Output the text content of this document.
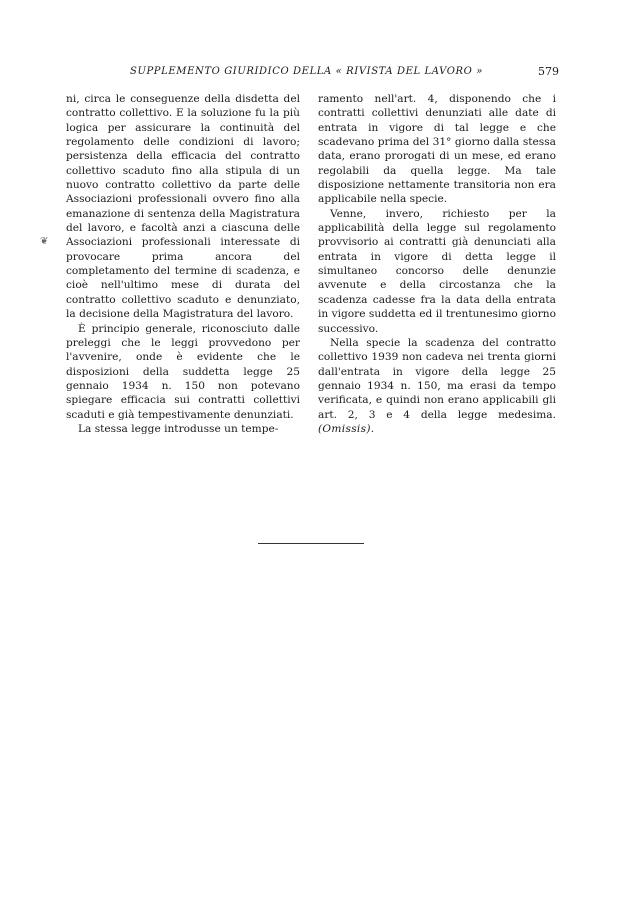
SUPPLEMENTO GIURIDICO DELLA « RIVISTA DEL LAVORO »	579
❦

ni, circa le conseguenze della disdetta del contratto collettivo. E la soluzione fu la più logica per assicurare la continuità del regolamento delle condizioni di lavoro; persistenza della efficacia del contratto collettivo scaduto fino alla stipula di un nuovo contratto collettivo da parte delle Associazioni professionali ovvero fino alla emanazione di sentenza della Magistratura del lavoro, e facoltà anzi a ciascuna delle Associazioni professionali interessate di provocare prima ancora del completamento del termine di scadenza, e cioè nell'ultimo mese di durata del contratto collettivo scaduto e denunziato, la decisione della Magistratura del lavoro.

È principio generale, riconosciuto dalle preleggi che le leggi provvedono per l'avvenire, onde è evidente che le disposizioni della suddetta legge 25 gennaio 1934 n. 150 non potevano spiegare efficacia sui contratti collettivi scaduti e già tempestivamente denunziati.

La stessa legge introdusse un tempe-

ramento nell'art. 4, disponendo che i contratti collettivi denunziati alle date di entrata in vigore di tal legge e che scadevano prima del 31° giorno dalla stessa data, erano prorogati di un mese, ed erano regolabili da quella legge. Ma tale disposizione nettamente transitoria non era applicabile nella specie.

Venne, invero, richiesto per la applicabilità della legge sul regolamento provvisorio ai contratti già denunciati alla entrata in vigore di detta legge il simultaneo concorso delle denunzie avvenute e della circostanza che la scadenza cadesse fra la data della entrata in vigore suddetta ed il trentunesimo giorno successivo.

Nella specie la scadenza del contratto collettivo 1939 non cadeva nei trenta giorni dall'entrata in vigore della legge 25 gennaio 1934 n. 150, ma erasi da tempo verificata, e quindi non erano applicabili gli art. 2, 3 e 4 della legge medesima. (Omissis).
